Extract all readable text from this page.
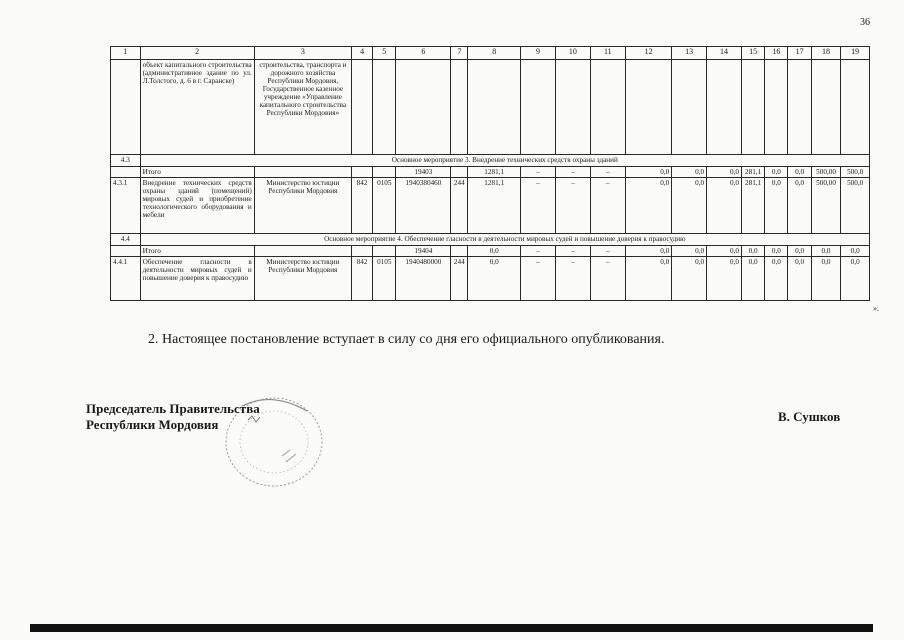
36
1	2	3	4	5	6	7	8	9	10	11	12	13	14	15	16	17	18	19
	объект капитального строительства (административное здание по ул. Л.Толстого, д. 6 в г. Саранске)	строительства, транспорта и дорожного хозяйства Республики Мордовия, Государственное казенное учреждение «Управление капитального строительства Республики Мордовия»																
4.3	Основное мероприятие 3. Внедрение технических средств охраны зданий																	
	Итого				19403		1281,1	–	–	–	0,0	0,0	0,0	281,1	0,0	0,0	500,00	500,0
4.3.1	Внедрение технических средств охраны зданий (помещений) мировых судей и приобретение технологического оборудования и мебели	Министерство юстиции Республики Мордовия	842	0105	1940380460	244	1281,1	–	–	–	0,0	0,0	0,0	281,1	0,0	0,0	500,00	500,0
4.4	Основное мероприятие 4. Обеспечение гласности в деятельности мировых судей и повышение доверия к правосудию																	
	Итого				19404		0,0	–	–	–	0,0	0,0	0,0	0,0	0,0	0,0	0,0	0,0
4.4.1	Обеспечение гласности в деятельности мировых судей и повышение доверия к правосудию	Министерство юстиции Республики Мордовия	842	0105	1940480000	244	0,0	–	–	–	0,0	0,0	0,0	0,0	0,0	0,0	0,0	0,0
».
2. Настоящее постановление вступает в силу со дня его официального опубликования.
Председатель Правительства
Республики Мордовия
В. Сушков
